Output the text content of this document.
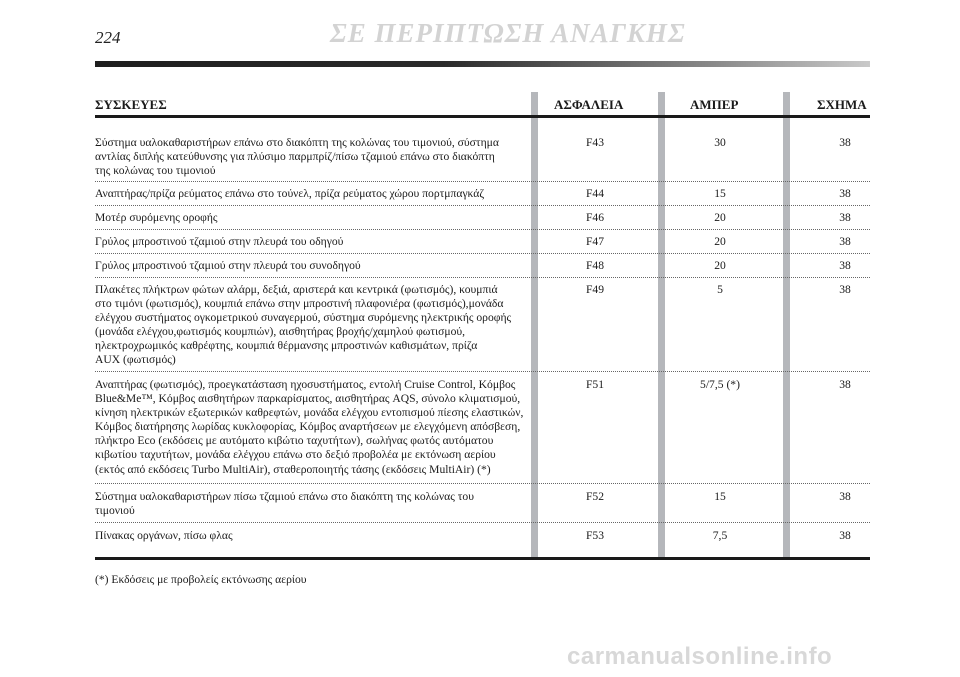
224	ΣΕ ΠΕΡΙΠΤΩΣΗ ΑΝΑΓΚΗΣ
ΣΥΣΚΕΥΕΣ	ΑΣΦΑΛΕΙΑ	ΑΜΠΕΡ	ΣΧΗΜΑ
Σύστημα υαλοκαθαριστήρων επάνω στο διακόπτη της κολώνας του τιμονιού, σύστημα
αντλίας διπλής κατεύθυνσης για πλύσιμο παρμπρίζ/πίσω τζαμιού επάνω στο διακόπτη
της κολώνας του τιμονιού
F43	30	38
Αναπτήρας/πρίζα ρεύματος επάνω στο τούνελ, πρίζα ρεύματος χώρου πορτμπαγκάζ	F44	15	38
Μοτέρ συρόμενης οροφής	F46	20	38
Γρύλος μπροστινού τζαμιού στην πλευρά του οδηγού	F47	20	38
Γρύλος μπροστινού τζαμιού στην πλευρά του συνοδηγού	F48	20	38
Πλακέτες πλήκτρων φώτων αλάρμ, δεξιά, αριστερά και κεντρικά (φωτισμός), κουμπιά
στο τιμόνι (φωτισμός), κουμπιά επάνω στην μπροστινή πλαφονιέρα (φωτισμός),μονάδα
ελέγχου συστήματος ογκομετρικού συναγερμού, σύστημα συρόμενης ηλεκτρικής οροφής
(μονάδα ελέγχου,φωτισμός κουμπιών), αισθητήρας βροχής/χαμηλού φωτισμού,
ηλεκτροχρωμικός καθρέφτης, κουμπιά θέρμανσης μπροστινών καθισμάτων, πρίζα
AUX (φωτισμός)
F49	5	38
Αναπτήρας (φωτισμός), προεγκατάσταση ηχοσυστήματος, εντολή Cruise Control, Κόμβος
Blue&Me™, Κόμβος αισθητήρων παρκαρίσματος, αισθητήρας AQS, σύνολο κλιματισμού,
κίνηση ηλεκτρικών εξωτερικών καθρεφτών, μονάδα ελέγχου εντοπισμού πίεσης ελαστικών,
Κόμβος διατήρησης λωρίδας κυκλοφορίας, Κόμβος αναρτήσεων με ελεγχόμενη απόσβεση,
πλήκτρο Eco (εκδόσεις με αυτόματο κιβώτιο ταχυτήτων), σωλήνας φωτός αυτόματου
κιβωτίου ταχυτήτων, μονάδα ελέγχου επάνω στο δεξιό προβολέα με εκτόνωση αερίου
(εκτός από εκδόσεις Turbo MultiAir), σταθεροποιητής τάσης (εκδόσεις MultiAir) (*)
F51	5/7,5 (*)	38
Σύστημα υαλοκαθαριστήρων πίσω τζαμιού επάνω στο διακόπτη της κολώνας του
τιμονιού
F52	15	38
Πίνακας οργάνων, πίσω φλας	F53	7,5	38
(*) Εκδόσεις με προβολείς εκτόνωσης αερίου
carmanualsonline.info
